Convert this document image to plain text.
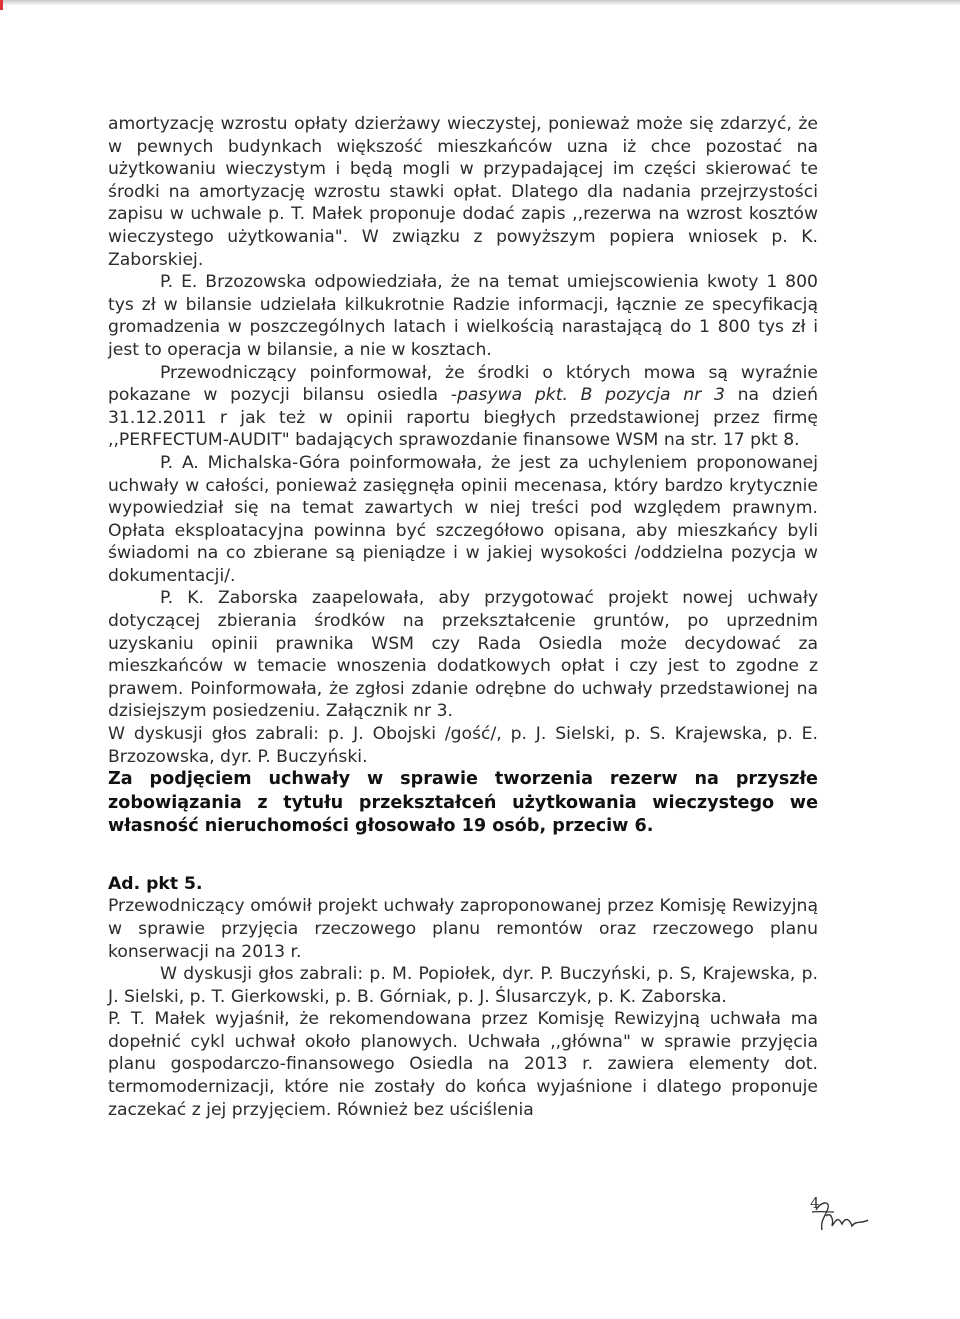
amortyzację wzrostu opłaty dzierżawy wieczystej, ponieważ może się zdarzyć, że w pewnych budynkach większość mieszkańców uzna iż chce pozostać na użytkowaniu wieczystym i będą mogli w przypadającej im części skierować te środki na amortyzację wzrostu stawki opłat. Dlatego dla nadania przejrzystości zapisu w uchwale p. T. Małek proponuje dodać zapis ,,rezerwa na wzrost kosztów wieczystego użytkowania". W związku z powyższym popiera wniosek p. K. Zaborskiej.

P. E. Brzozowska odpowiedziała, że na temat umiejscowienia kwoty 1 800 tys zł w bilansie udzielała kilkukrotnie Radzie informacji, łącznie ze specyfikacją gromadzenia w poszczególnych latach i wielkością narastającą do 1 800 tys zł i jest to operacja w bilansie, a nie w kosztach.

Przewodniczący poinformował, że środki o których mowa są wyraźnie pokazane w pozycji bilansu osiedla -pasywa pkt. B pozycja nr 3 na dzień 31.12.2011 r jak też w opinii raportu biegłych przedstawionej przez firmę ,,PERFECTUM-AUDIT" badających sprawozdanie finansowe WSM na str. 17 pkt 8.

P. A. Michalska-Góra poinformowała, że jest za uchyleniem proponowanej uchwały w całości, ponieważ zasięgnęła opinii mecenasa, który bardzo krytycznie wypowiedział się na temat zawartych w niej treści pod względem prawnym. Opłata eksploatacyjna powinna być szczegółowo opisana, aby mieszkańcy byli świadomi na co zbierane są pieniądze i w jakiej wysokości /oddzielna pozycja w dokumentacji/.

P. K. Zaborska zaapelowała, aby przygotować projekt nowej uchwały dotyczącej zbierania środków na przekształcenie gruntów, po uprzednim uzyskaniu opinii prawnika WSM czy Rada Osiedla może decydować za mieszkańców w temacie wnoszenia dodatkowych opłat i czy jest to zgodne z prawem. Poinformowała, że zgłosi zdanie odrębne do uchwały przedstawionej na dzisiejszym posiedzeniu. Załącznik nr 3.

W dyskusji głos zabrali: p. J. Obojski /gość/, p. J. Sielski, p. S. Krajewska, p. E. Brzozowska, dyr. P. Buczyński.

Za podjęciem uchwały w sprawie tworzenia rezerw na przyszłe zobowiązania z tytułu przekształceń użytkowania wieczystego we własność nieruchomości głosowało 19 osób, przeciw 6.

Ad. pkt 5.

Przewodniczący omówił projekt uchwały zaproponowanej przez Komisję Rewizyjną w sprawie przyjęcia rzeczowego planu remontów oraz rzeczowego planu konserwacji na 2013 r.

W dyskusji głos zabrali: p. M. Popiołek, dyr. P. Buczyński, p. S, Krajewska, p. J. Sielski, p. T. Gierkowski, p. B. Górniak, p. J. Ślusarczyk, p. K. Zaborska.

P. T. Małek wyjaśnił, że rekomendowana przez Komisję Rewizyjną uchwała ma dopełnić cykl uchwał około planowych. Uchwała ,,główna" w sprawie przyjęcia planu gospodarczo-finansowego Osiedla na 2013 r. zawiera elementy dot. termomodernizacji, które nie zostały do końca wyjaśnione i dlatego proponuje zaczekać z jej przyjęciem. Również bez uściślenia

4
